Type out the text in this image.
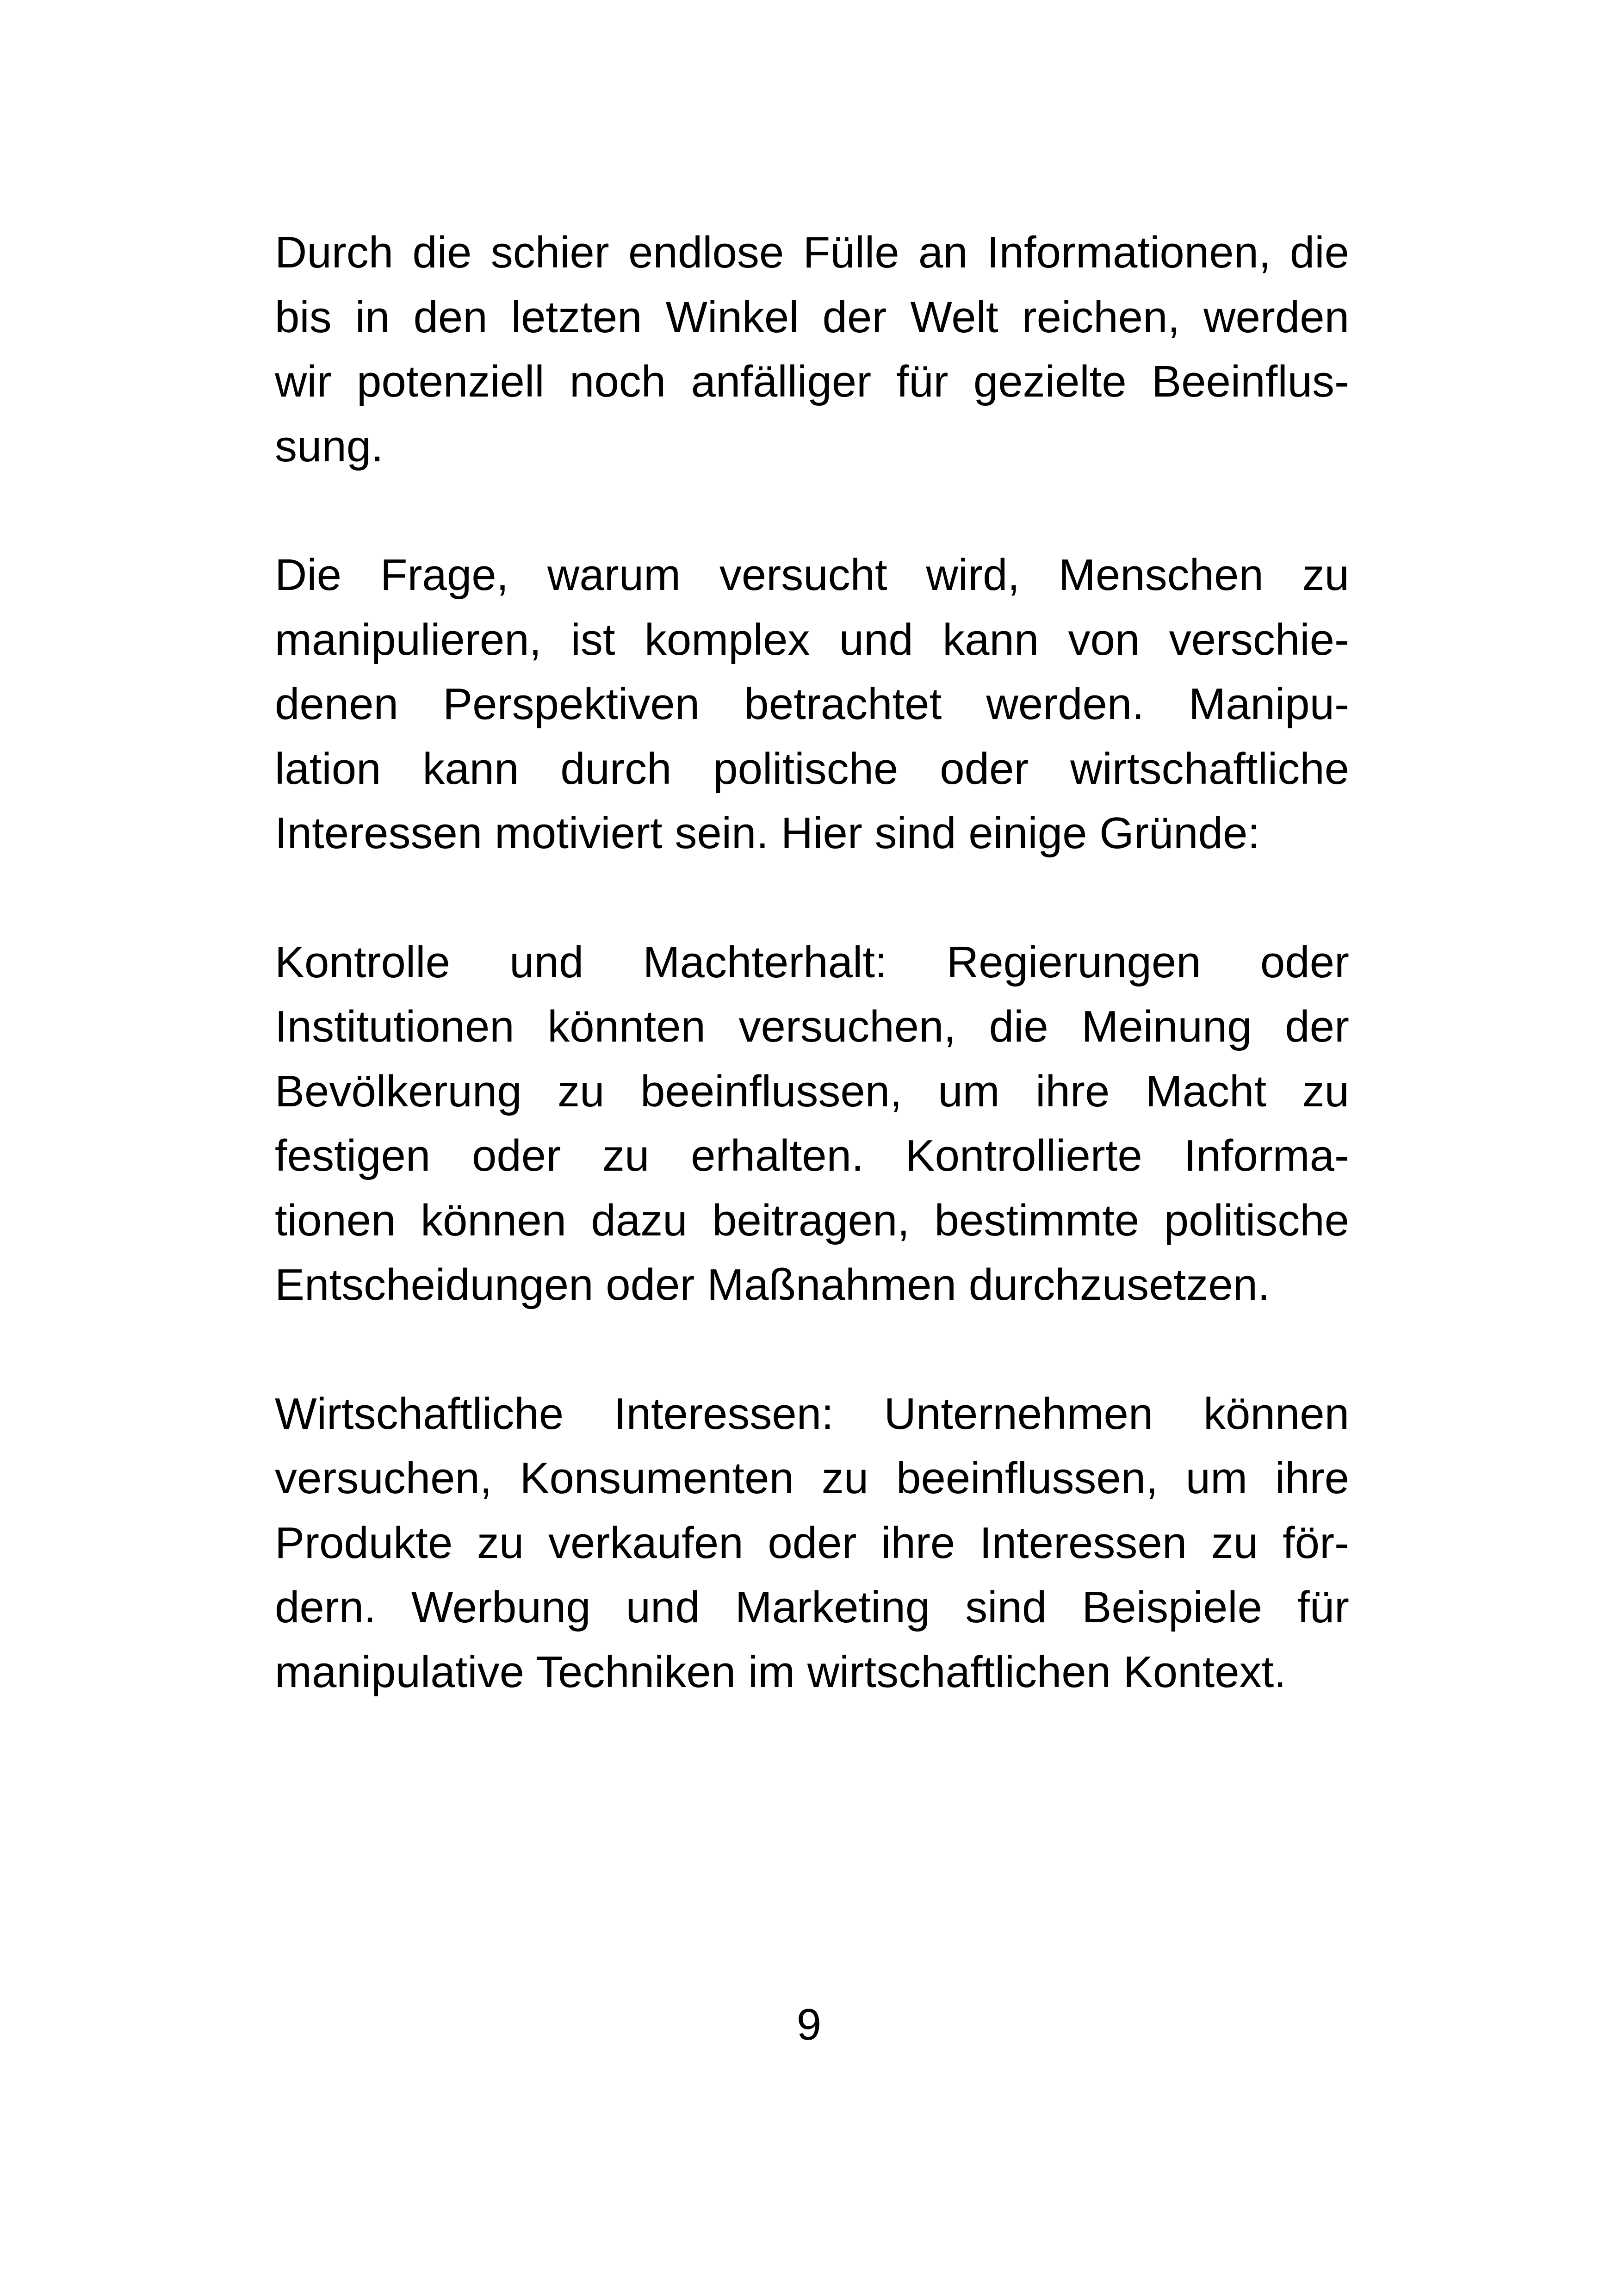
Durch die schier endlose Fülle an Informationen, die
bis in den letzten Winkel der Welt reichen, werden
wir potenziell noch anfälliger für gezielte Beeinflus-
sung.
Die Frage, warum versucht wird, Menschen zu
manipulieren, ist komplex und kann von verschie-
denen Perspektiven betrachtet werden. Manipu-
lation kann durch politische oder wirtschaftliche
Interessen motiviert sein. Hier sind einige Gründe:
Kontrolle und Machterhalt: Regierungen oder
Institutionen könnten versuchen, die Meinung der
Bevölkerung zu beeinflussen, um ihre Macht zu
festigen oder zu erhalten. Kontrollierte Informa-
tionen können dazu beitragen, bestimmte politische
Entscheidungen oder Maßnahmen durchzusetzen.
Wirtschaftliche Interessen: Unternehmen können
versuchen, Konsumenten zu beeinflussen, um ihre
Produkte zu verkaufen oder ihre Interessen zu för-
dern. Werbung und Marketing sind Beispiele für
manipulative Techniken im wirtschaftlichen Kontext.
9
